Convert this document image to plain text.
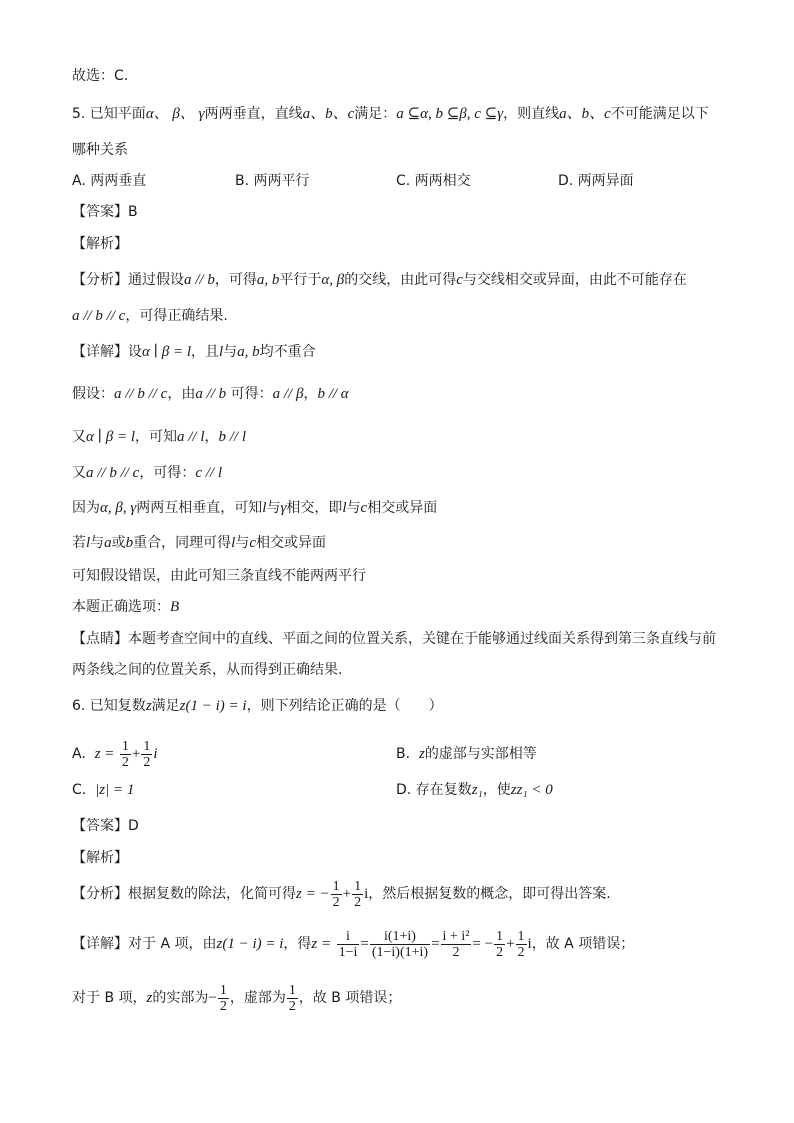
故选：C.
5. 已知平面α、 β、 γ两两垂直，直线a、b、c满足：a ⊆α, b ⊆β, c ⊆γ，则直线a、b、c不可能满足以下
哪种关系
A. 两两垂直	B. 两两平行	C. 两两相交	D. 两两异面
【答案】B
【解析】
【分析】通过假设a // b，可得a, b平行于α, β的交线，由此可得c与交线相交或异面，由此不可能存在
a // b // c，可得正确结果.
【详解】设α ∣ β = l，且l与a, b均不重合
假设：a // b // c，由a // b 可得：a // β，b // α
又α ∣ β = l，可知a // l，b // l
又a // b // c，可得：c // l
因为α, β, γ两两互相垂直，可知l与γ相交，即l与c相交或异面
若l与a或b重合，同理可得l与c相交或异面
可知假设错误，由此可知三条直线不能两两平行
本题正确选项：B
【点睛】本题考查空间中的直线、平面之间的位置关系，关键在于能够通过线面关系得到第三条直线与前
两条线之间的位置关系，从而得到正确结果.
6. 已知复数z满足z(1 − i) = i，则下列结论正确的是（　　）
A. $z = \frac{1}{2} + \frac{1}{2}$ i	B. z的虚部与实部相等
C. |z| = 1	D. 存在复数z₁，使zz₁ < 0
【答案】D
【解析】
【分析】根据复数的除法，化简可得z = − $\frac{1}{2} + \frac{1}{2}$ i，然后根据复数的概念，即可得出答案.
【详解】对于 A 项，由z(1 − i) = i，得$z = \frac{i}{1-i} = \frac{i(1+i)}{(1-i)(1+i)} = \frac{\text{i + i²}}{2}$ = − $\frac{1}{2} + \frac{1}{2}$ i，故 A 项错误；
对于 B 项，z的实部为− $\frac{1}{2}$ ，虚部为 $\frac{1}{2}$ ，故 B 项错误；
